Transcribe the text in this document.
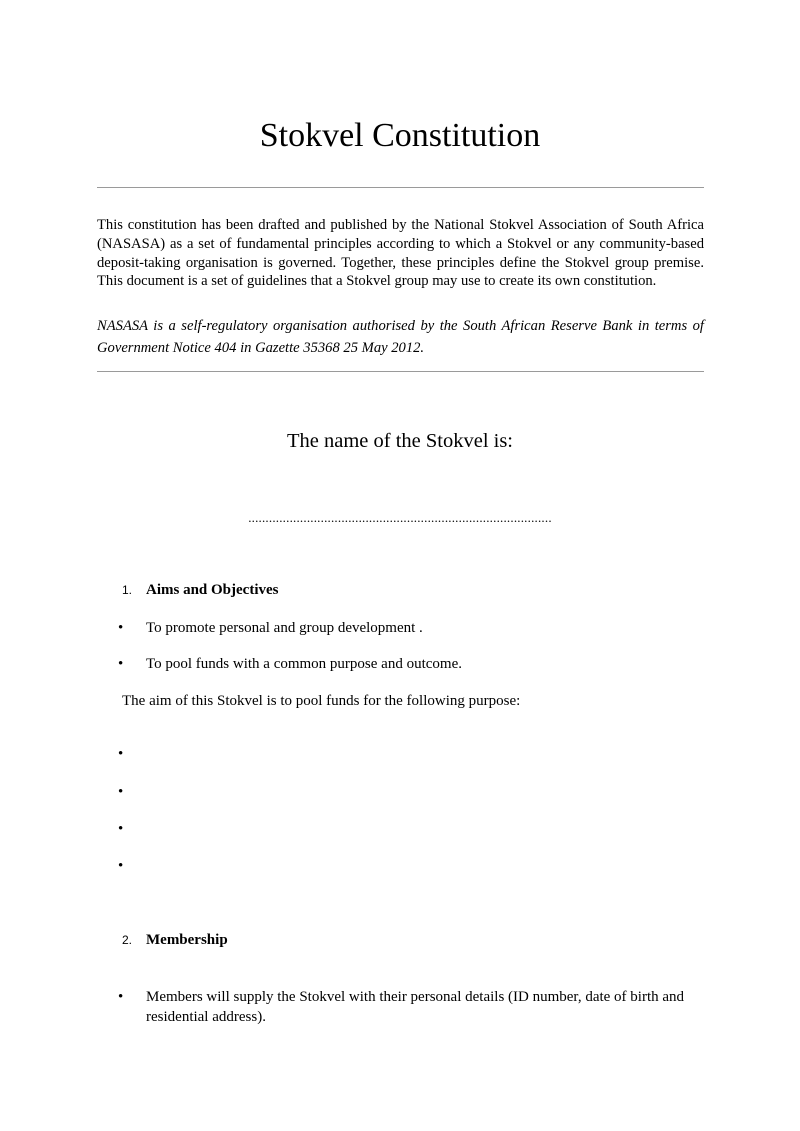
Stokvel Constitution
This constitution has been drafted and published by the National Stokvel Association of South Africa (NASASA) as a set of fundamental principles according to which a Stokvel or any community-based deposit-taking organisation is governed. Together, these principles define the Stokvel group premise. This document is a set of guidelines that a Stokvel group may use to create its own constitution.
NASASA is a self-regulatory organisation authorised by the South African Reserve Bank in terms of Government Notice 404 in Gazette 35368 25 May 2012.
The name of the Stokvel is:
........................................................................................
1. Aims and Objectives
•	To promote personal and group development .
•	To pool funds with a common purpose and outcome.
The aim of this Stokvel is to pool funds for the following purpose:
•
•
•
•
2. Membership
•	Members will supply the Stokvel with their personal details (ID number, date of birth and residential address).
